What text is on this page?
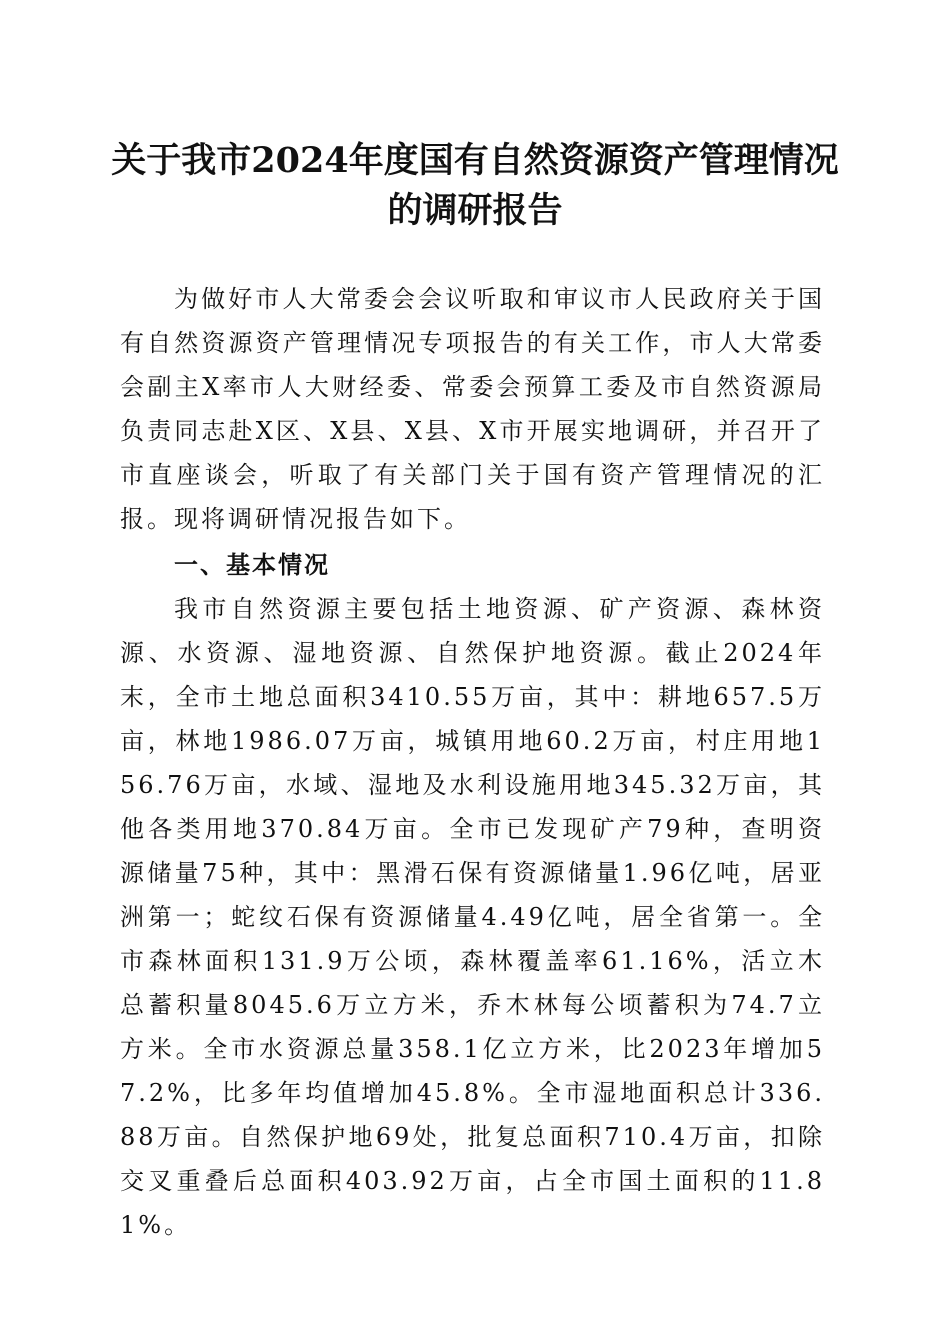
关于我市2024年度国有自然资源资产管理情况的调研报告

为做好市人大常委会会议听取和审议市人民政府关于国有自然资源资产管理情况专项报告的有关工作，市人大常委会副主X率市人大财经委、常委会预算工委及市自然资源局负责同志赴X区、X县、X县、X市开展实地调研，并召开了市直座谈会，听取了有关部门关于国有资产管理情况的汇报。现将调研情况报告如下。

一、基本情况

我市自然资源主要包括土地资源、矿产资源、森林资源、水资源、湿地资源、自然保护地资源。截止2024年末，全市土地总面积3410.55万亩，其中：耕地657.5万亩，林地1986.07万亩，城镇用地60.2万亩，村庄用地156.76万亩，水域、湿地及水利设施用地345.32万亩，其他各类用地370.84万亩。全市已发现矿产79种，查明资源储量75种，其中：黑滑石保有资源储量1.96亿吨，居亚洲第一；蛇纹石保有资源储量4.49亿吨，居全省第一。全市森林面积131.9万公顷，森林覆盖率61.16%，活立木总蓄积量8045.6万立方米，乔木林每公顷蓄积为74.7立方米。全市水资源总量358.1亿立方米，比2023年增加57.2%，比多年均值增加45.8%。全市湿地面积总计336.88万亩。自然保护地69处，批复总面积710.4万亩，扣除交叉重叠后总面积403.92万亩，占全市国土面积的11.81%。
